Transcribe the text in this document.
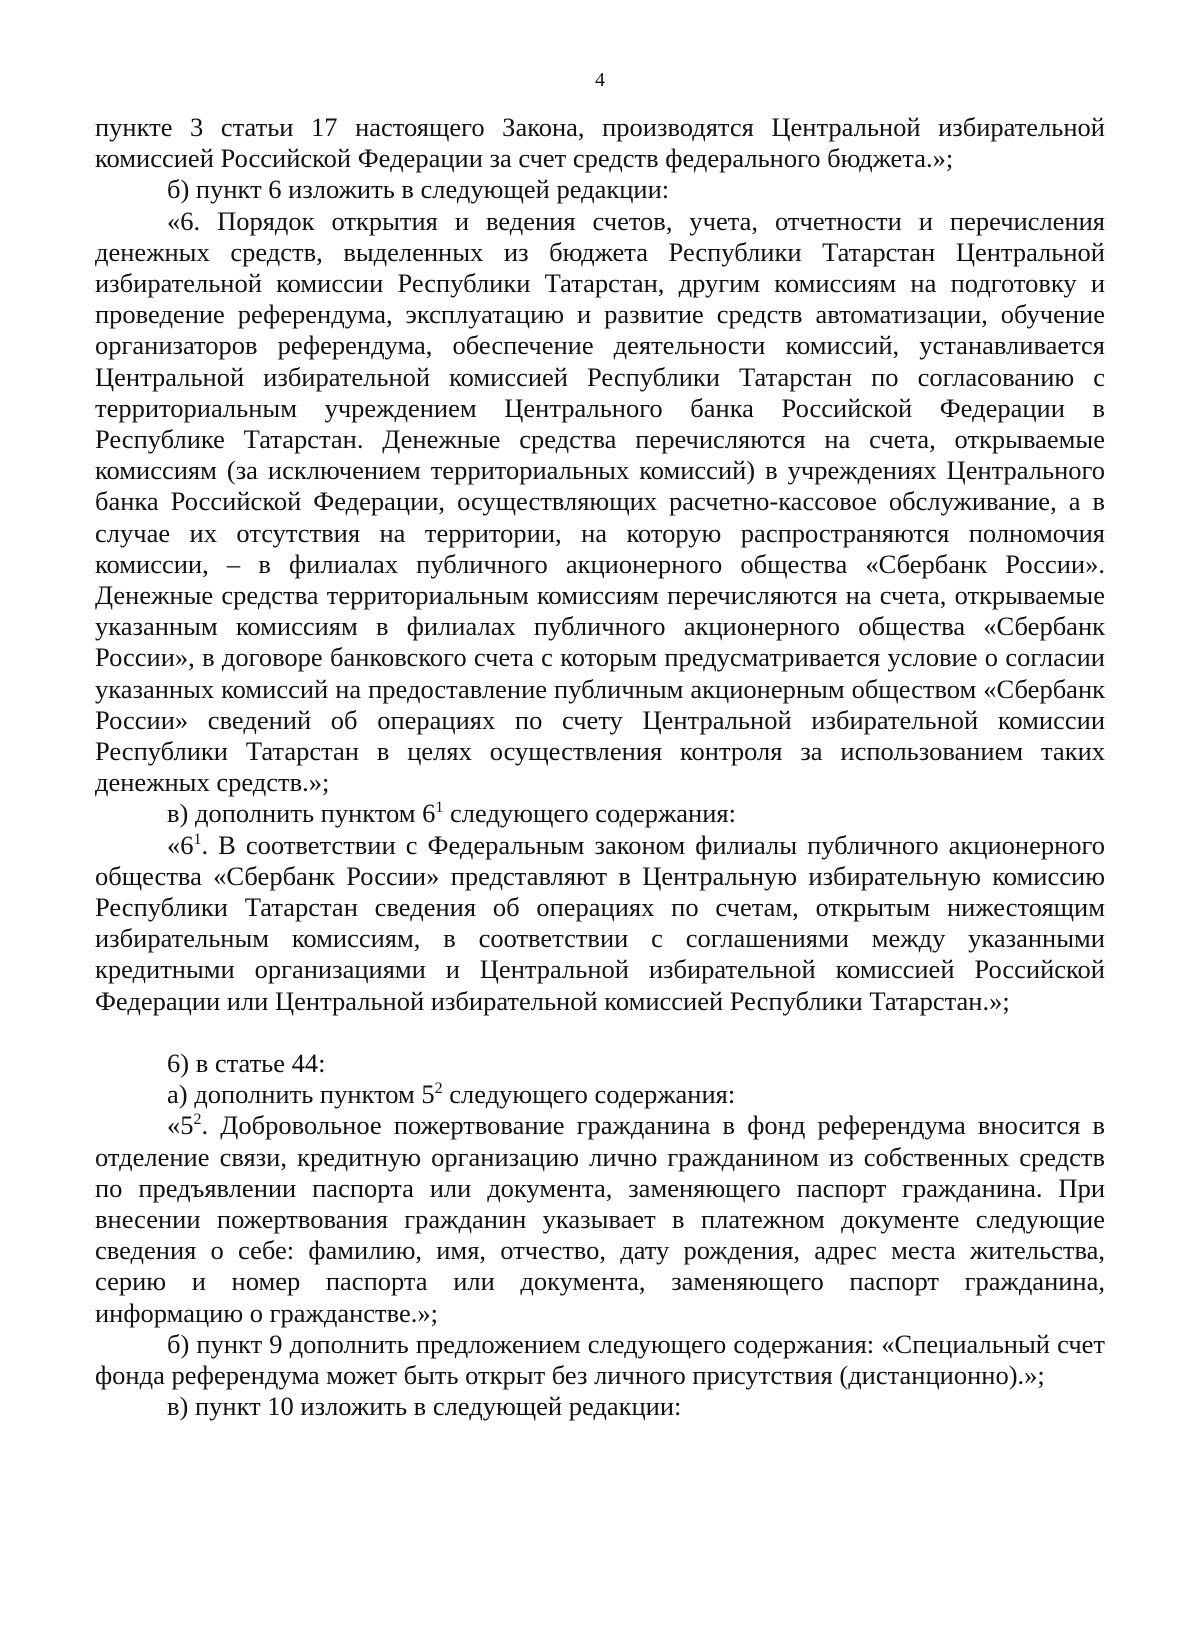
4

пункте 3 статьи 17 настоящего Закона, производятся Центральной избирательной комиссией Российской Федерации за счет средств федерального бюджета.»;

б) пункт 6 изложить в следующей редакции:

«6. Порядок открытия и ведения счетов, учета, отчетности и перечисления денежных средств, выделенных из бюджета Республики Татарстан Центральной избирательной комиссии Республики Татарстан, другим комиссиям на подготовку и проведение референдума, эксплуатацию и развитие средств автоматизации, обучение организаторов референдума, обеспечение деятельности комиссий, устанавливается Центральной избирательной комиссией Республики Татарстан по согласованию с территориальным учреждением Центрального банка Российской Федерации в Республике Татарстан. Денежные средства перечисляются на счета, открываемые комиссиям (за исключением территориальных комиссий) в учреждениях Центрального банка Российской Федерации, осуществляющих расчетно-кассовое обслуживание, а в случае их отсутствия на территории, на которую распространяются полномочия комиссии, – в филиалах публичного акционерного общества «Сбербанк России». Денежные средства территориальным комиссиям перечисляются на счета, открываемые указанным комиссиям в филиалах публичного акционерного общества «Сбербанк России», в договоре банковского счета с которым предусматривается условие о согласии указанных комиссий на предоставление публичным акционерным обществом «Сбербанк России» сведений об операциях по счету Центральной избирательной комиссии Республики Татарстан в целях осуществления контроля за использованием таких денежных средств.»;

в) дополнить пунктом $6^1$ следующего содержания:

«$6^1$. В соответствии с Федеральным законом филиалы публичного акционерного общества «Сбербанк России» представляют в Центральную избирательную комиссию Республики Татарстан сведения об операциях по счетам, открытым нижестоящим избирательным комиссиям, в соответствии с соглашениями между указанными кредитными организациями и Центральной избирательной комиссией Российской Федерации или Центральной избирательной комиссией Республики Татарстан.»;

6) в статье 44:

а) дополнить пунктом $5^2$ следующего содержания:

«$5^2$. Добровольное пожертвование гражданина в фонд референдума вносится в отделение связи, кредитную организацию лично гражданином из собственных средств по предъявлении паспорта или документа, заменяющего паспорт гражданина. При внесении пожертвования гражданин указывает в платежном документе следующие сведения о себе: фамилию, имя, отчество, дату рождения, адрес места жительства, серию и номер паспорта или документа, заменяющего паспорт гражданина, информацию о гражданстве.»;

б) пункт 9 дополнить предложением следующего содержания: «Специальный счет фонда референдума может быть открыт без личного присутствия (дистанционно).»;

в) пункт 10 изложить в следующей редакции:
